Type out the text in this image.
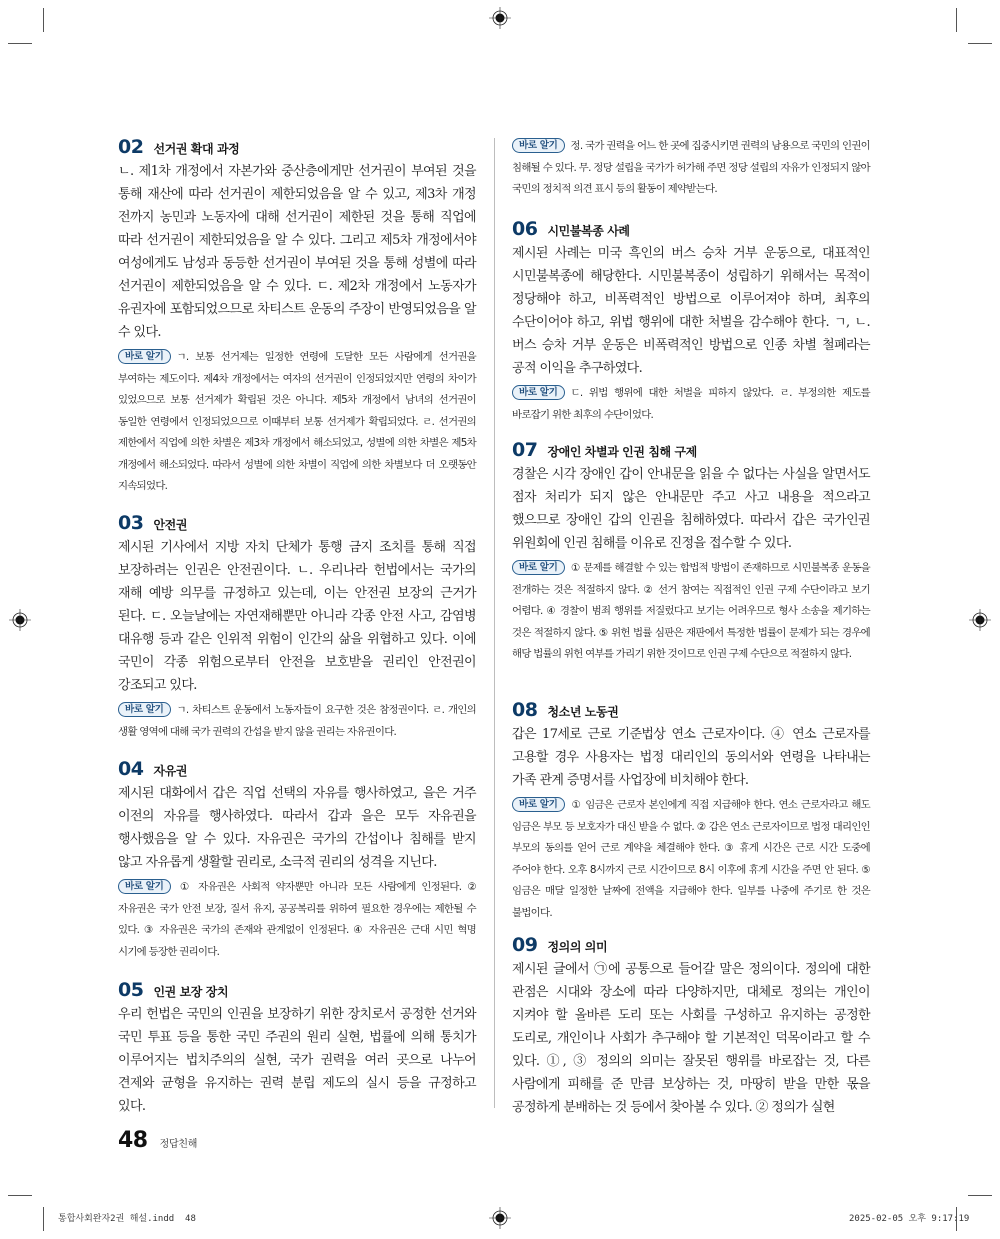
02 선거권 확대 과정

ㄴ. 제1차 개정에서 자본가와 중산층에게만 선거권이 부여된 것을 통해 재산에 따라 선거권이 제한되었음을 알 수 있고, 제3차 개정 전까지 농민과 노동자에 대해 선거권이 제한된 것을 통해 직업에 따라 선거권이 제한되었음을 알 수 있다. 그리고 제5차 개정에서야 여성에게도 남성과 동등한 선거권이 부여된 것을 통해 성별에 따라 선거권이 제한되었음을 알 수 있다. ㄷ. 제2차 개정에서 노동자가 유권자에 포함되었으므로 차티스트 운동의 주장이 반영되었음을 알 수 있다.

바로 알기 ㄱ. 보통 선거제는 일정한 연령에 도달한 모든 사람에게 선거권을 부여하는 제도이다. 제4차 개정에서는 여자의 선거권이 인정되었지만 연령의 차이가 있었으므로 보통 선거제가 확립된 것은 아니다. 제5차 개정에서 남녀의 선거권이 동일한 연령에서 인정되었으므로 이때부터 보통 선거제가 확립되었다. ㄹ. 선거권의 제한에서 직업에 의한 차별은 제3차 개정에서 해소되었고, 성별에 의한 차별은 제5차 개정에서 해소되었다. 따라서 성별에 의한 차별이 직업에 의한 차별보다 더 오랫동안 지속되었다.

03 안전권

제시된 기사에서 지방 자치 단체가 통행 금지 조치를 통해 직접 보장하려는 인권은 안전권이다. ㄴ. 우리나라 헌법에서는 국가의 재해 예방 의무를 규정하고 있는데, 이는 안전권 보장의 근거가 된다. ㄷ. 오늘날에는 자연재해뿐만 아니라 각종 안전 사고, 감염병 대유행 등과 같은 인위적 위험이 인간의 삶을 위협하고 있다. 이에 국민이 각종 위험으로부터 안전을 보호받을 권리인 안전권이 강조되고 있다.

바로 알기 ㄱ. 차티스트 운동에서 노동자들이 요구한 것은 참정권이다. ㄹ. 개인의 생활 영역에 대해 국가 권력의 간섭을 받지 않을 권리는 자유권이다.

04 자유권

제시된 대화에서 갑은 직업 선택의 자유를 행사하였고, 을은 거주 이전의 자유를 행사하였다. 따라서 갑과 을은 모두 자유권을 행사했음을 알 수 있다. 자유권은 국가의 간섭이나 침해를 받지 않고 자유롭게 생활할 권리로, 소극적 권리의 성격을 지닌다.

바로 알기 ① 자유권은 사회적 약자뿐만 아니라 모든 사람에게 인정된다. ② 자유권은 국가 안전 보장, 질서 유지, 공공복리를 위하여 필요한 경우에는 제한될 수 있다. ③ 자유권은 국가의 존재와 관계없이 인정된다. ④ 자유권은 근대 시민 혁명 시기에 등장한 권리이다.

05 인권 보장 장치

우리 헌법은 국민의 인권을 보장하기 위한 장치로서 공정한 선거와 국민 투표 등을 통한 국민 주권의 원리 실현, 법률에 의해 통치가 이루어지는 법치주의의 실현, 국가 권력을 여러 곳으로 나누어 견제와 균형을 유지하는 권력 분립 제도의 실시 등을 규정하고 있다.

바로 알기 정. 국가 권력을 어느 한 곳에 집중시키면 권력의 남용으로 국민의 인권이 침해될 수 있다. 무. 정당 설립을 국가가 허가해 주면 정당 설립의 자유가 인정되지 않아 국민의 정치적 의견 표시 등의 활동이 제약받는다.

06 시민불복종 사례

제시된 사례는 미국 흑인의 버스 승차 거부 운동으로, 대표적인 시민불복종에 해당한다. 시민불복종이 성립하기 위해서는 목적이 정당해야 하고, 비폭력적인 방법으로 이루어져야 하며, 최후의 수단이어야 하고, 위법 행위에 대한 처벌을 감수해야 한다. ㄱ, ㄴ. 버스 승차 거부 운동은 비폭력적인 방법으로 인종 차별 철폐라는 공적 이익을 추구하였다.

바로 알기 ㄷ. 위법 행위에 대한 처벌을 피하지 않았다. ㄹ. 부정의한 제도를 바로잡기 위한 최후의 수단이었다.

07 장애인 차별과 인권 침해 구제

경찰은 시각 장애인 갑이 안내문을 읽을 수 없다는 사실을 알면서도 점자 처리가 되지 않은 안내문만 주고 사고 내용을 적으라고 했으므로 장애인 갑의 인권을 침해하였다. 따라서 갑은 국가인권 위원회에 인권 침해를 이유로 진정을 접수할 수 있다.

바로 알기 ① 문제를 해결할 수 있는 합법적 방법이 존재하므로 시민불복종 운동을 전개하는 것은 적절하지 않다. ② 선거 참여는 직접적인 인권 구제 수단이라고 보기 어렵다. ④ 경찰이 범죄 행위를 저질렀다고 보기는 어려우므로 형사 소송을 제기하는 것은 적절하지 않다. ⑤ 위헌 법률 심판은 재판에서 특정한 법률이 문제가 되는 경우에 해당 법률의 위헌 여부를 가리기 위한 것이므로 인권 구제 수단으로 적절하지 않다.

08 청소년 노동권

갑은 17세로 근로 기준법상 연소 근로자이다. ④ 연소 근로자를 고용할 경우 사용자는 법정 대리인의 동의서와 연령을 나타내는 가족 관계 증명서를 사업장에 비치해야 한다.

바로 알기 ① 임금은 근로자 본인에게 직접 지급해야 한다. 연소 근로자라고 해도 임금은 부모 등 보호자가 대신 받을 수 없다. ② 갑은 연소 근로자이므로 법정 대리인인 부모의 동의를 얻어 근로 계약을 체결해야 한다. ③ 휴게 시간은 근로 시간 도중에 주어야 한다. 오후 8시까지 근로 시간이므로 8시 이후에 휴게 시간을 주면 안 된다. ⑤ 임금은 매달 일정한 날짜에 전액을 지급해야 한다. 일부를 나중에 주기로 한 것은 불법이다.

09 정의의 의미

제시된 글에서 ㉠에 공통으로 들어갈 말은 정의이다. 정의에 대한 관점은 시대와 장소에 따라 다양하지만, 대체로 정의는 개인이 지켜야 할 올바른 도리 또는 사회를 구성하고 유지하는 공정한 도리로, 개인이나 사회가 추구해야 할 기본적인 덕목이라고 할 수 있다. ①, ③ 정의의 의미는 잘못된 행위를 바로잡는 것, 다른 사람에게 피해를 준 만큼 보상하는 것, 마땅히 받을 만한 몫을 공정하게 분배하는 것 등에서 찾아볼 수 있다. ② 정의가 실현

48 정답친해
통합사회완자2권 해설.indd 48	2025-02-05 오후 9:17:19
